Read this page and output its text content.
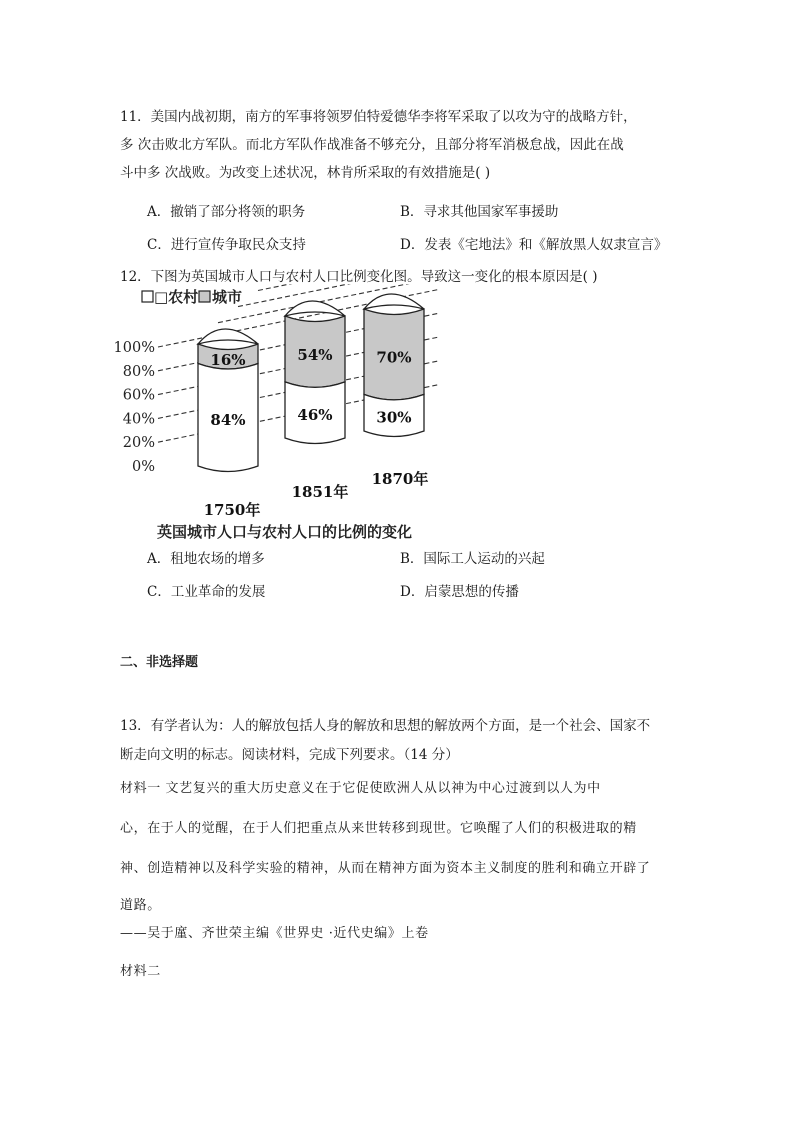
11．美国内战初期，南方的军事将领罗伯特爱德华李将军采取了以攻为守的战略方针，
多 次击败北方军队。而北方军队作战准备不够充分，且部分将军消极怠战，因此在战
斗中多 次战败。为改变上述状况，林肯所采取的有效措施是( )
A．撤销了部分将领的职务	B．寻求其他国家军事援助
C．进行宣传争取民众支持	D．发表《宅地法》和《解放黑人奴隶宣言》
12．下图为英国城市人口与农村人口比例变化图。导致这一变化的根本原因是( )
□农村 城市
100%
80%
60%
40%
20%
0%
16%
84%
54%
46%
70%
30%
1750年
1851年
1870年
英国城市人口与农村人口的比例的变化
A．租地农场的增多	B．国际工人运动的兴起
C．工业革命的发展	D．启蒙思想的传播
二、非选择题
13．有学者认为：人的解放包括人身的解放和思想的解放两个方面，是一个社会、国家不
断走向文明的标志。阅读材料，完成下列要求。（14 分）
材料一 文艺复兴的重大历史意义在于它促使欧洲人从以神为中心过渡到以人为中
心，在于人的觉醒，在于人们把重点从来世转移到现世。它唤醒了人们的积极进取的精
神、创造精神以及科学实验的精神，从而在精神方面为资本主义制度的胜利和确立开辟了
道路。
——吴于廑、齐世荣主编《世界史 ·近代史编》上卷
材料二
